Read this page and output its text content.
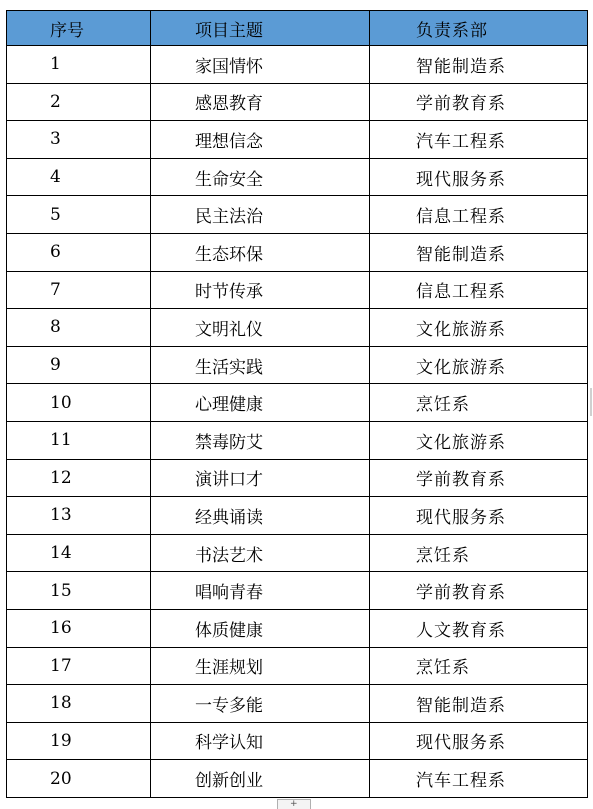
序号	项目主题	负责系部
1	家国情怀	智能制造系
2	感恩教育	学前教育系
3	理想信念	汽车工程系
4	生命安全	现代服务系
5	民主法治	信息工程系
6	生态环保	智能制造系
7	时节传承	信息工程系
8	文明礼仪	文化旅游系
9	生活实践	文化旅游系
10	心理健康	烹饪系
11	禁毒防艾	文化旅游系
12	演讲口才	学前教育系
13	经典诵读	现代服务系
14	书法艺术	烹饪系
15	唱响青春	学前教育系
16	体质健康	人文教育系
17	生涯规划	烹饪系
18	一专多能	智能制造系
19	科学认知	现代服务系
20	创新创业	汽车工程系
+
